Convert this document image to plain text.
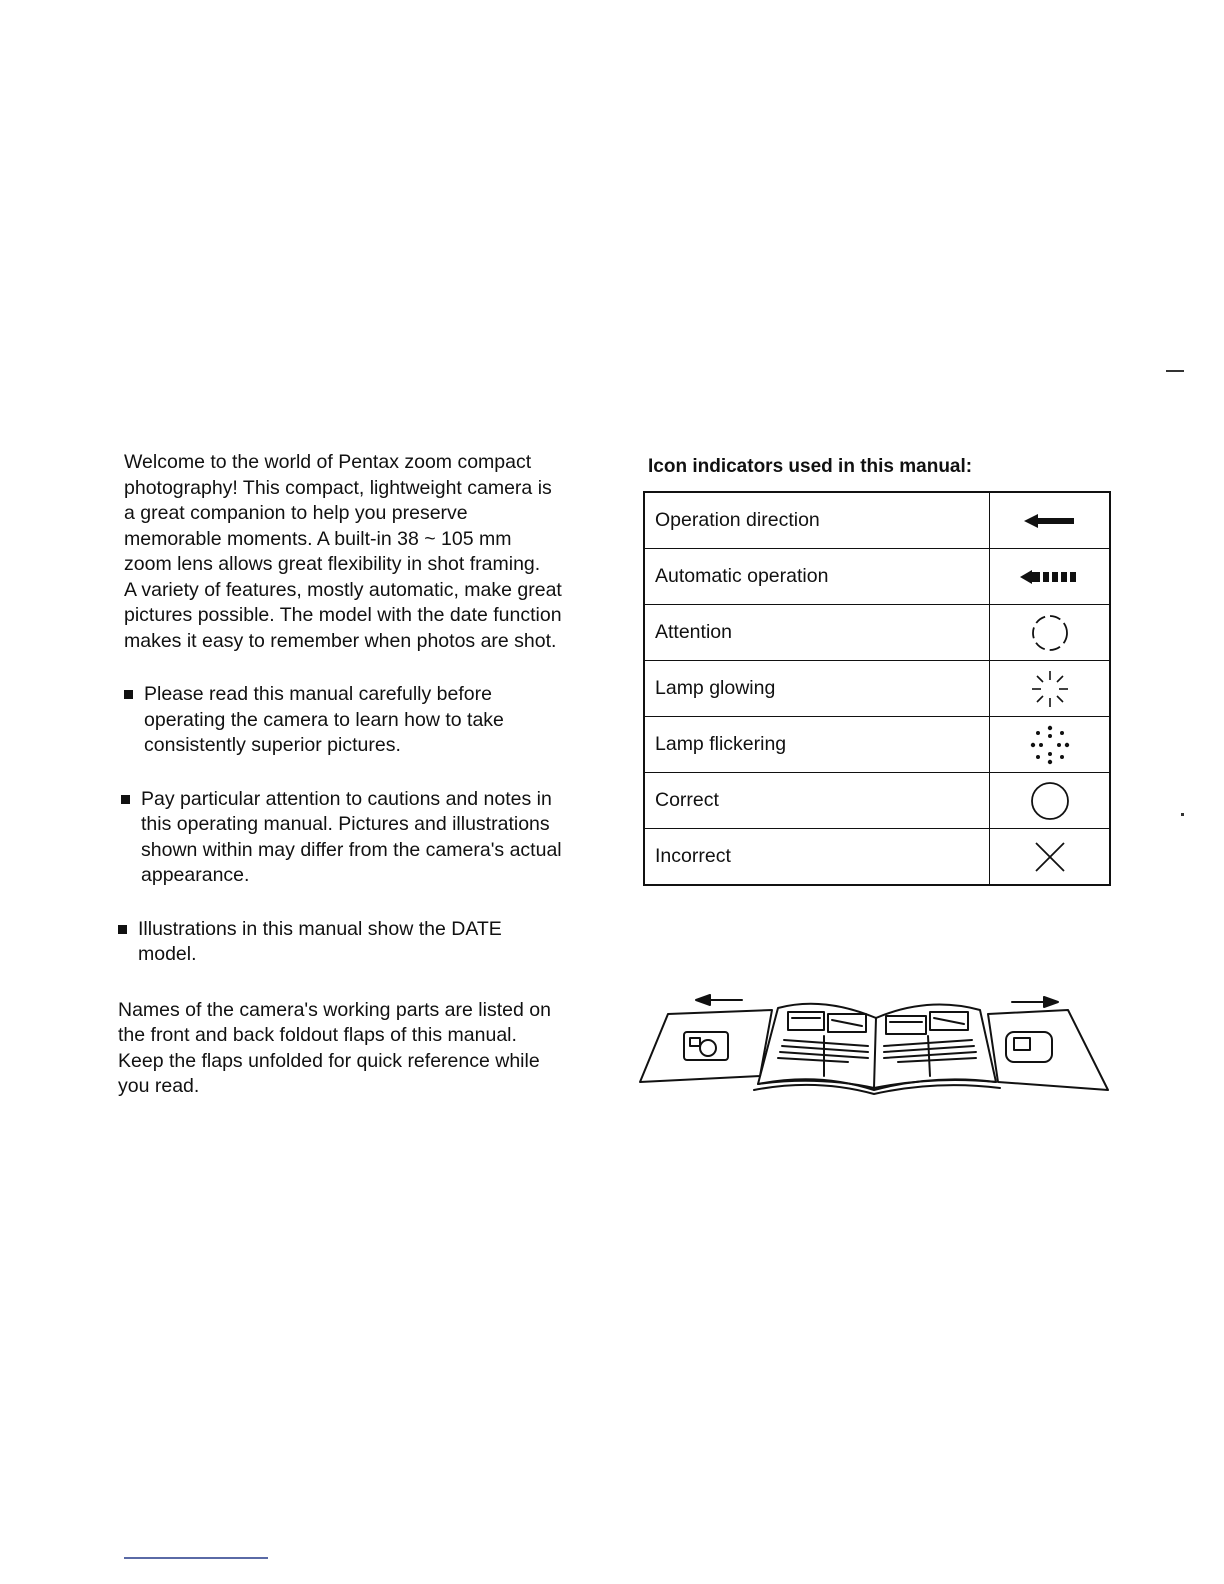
Welcome to the world of Pentax zoom compact
photography! This compact, lightweight camera is
a great companion to help you preserve
memorable moments. A built-in 38 ~ 105 mm
zoom lens allows great flexibility in shot framing.
A variety of features, mostly automatic, make great
pictures possible. The model with the date function
makes it easy to remember when photos are shot.

Please read this manual carefully before
operating the camera to learn how to take
consistently superior pictures.
Pay particular attention to cautions and notes in
this operating manual. Pictures and illustrations
shown within may differ from the camera's actual
appearance.
Illustrations in this manual show the DATE
model.

Names of the camera's working parts are listed on
the front and back foldout flaps of this manual.
Keep the flaps unfolded for quick reference while
you read.

Icon indicators used in this manual:
Operation direction	
Automatic operation	
Attention	
Lamp glowing	
Lamp flickering	
Correct	
Incorrect	
